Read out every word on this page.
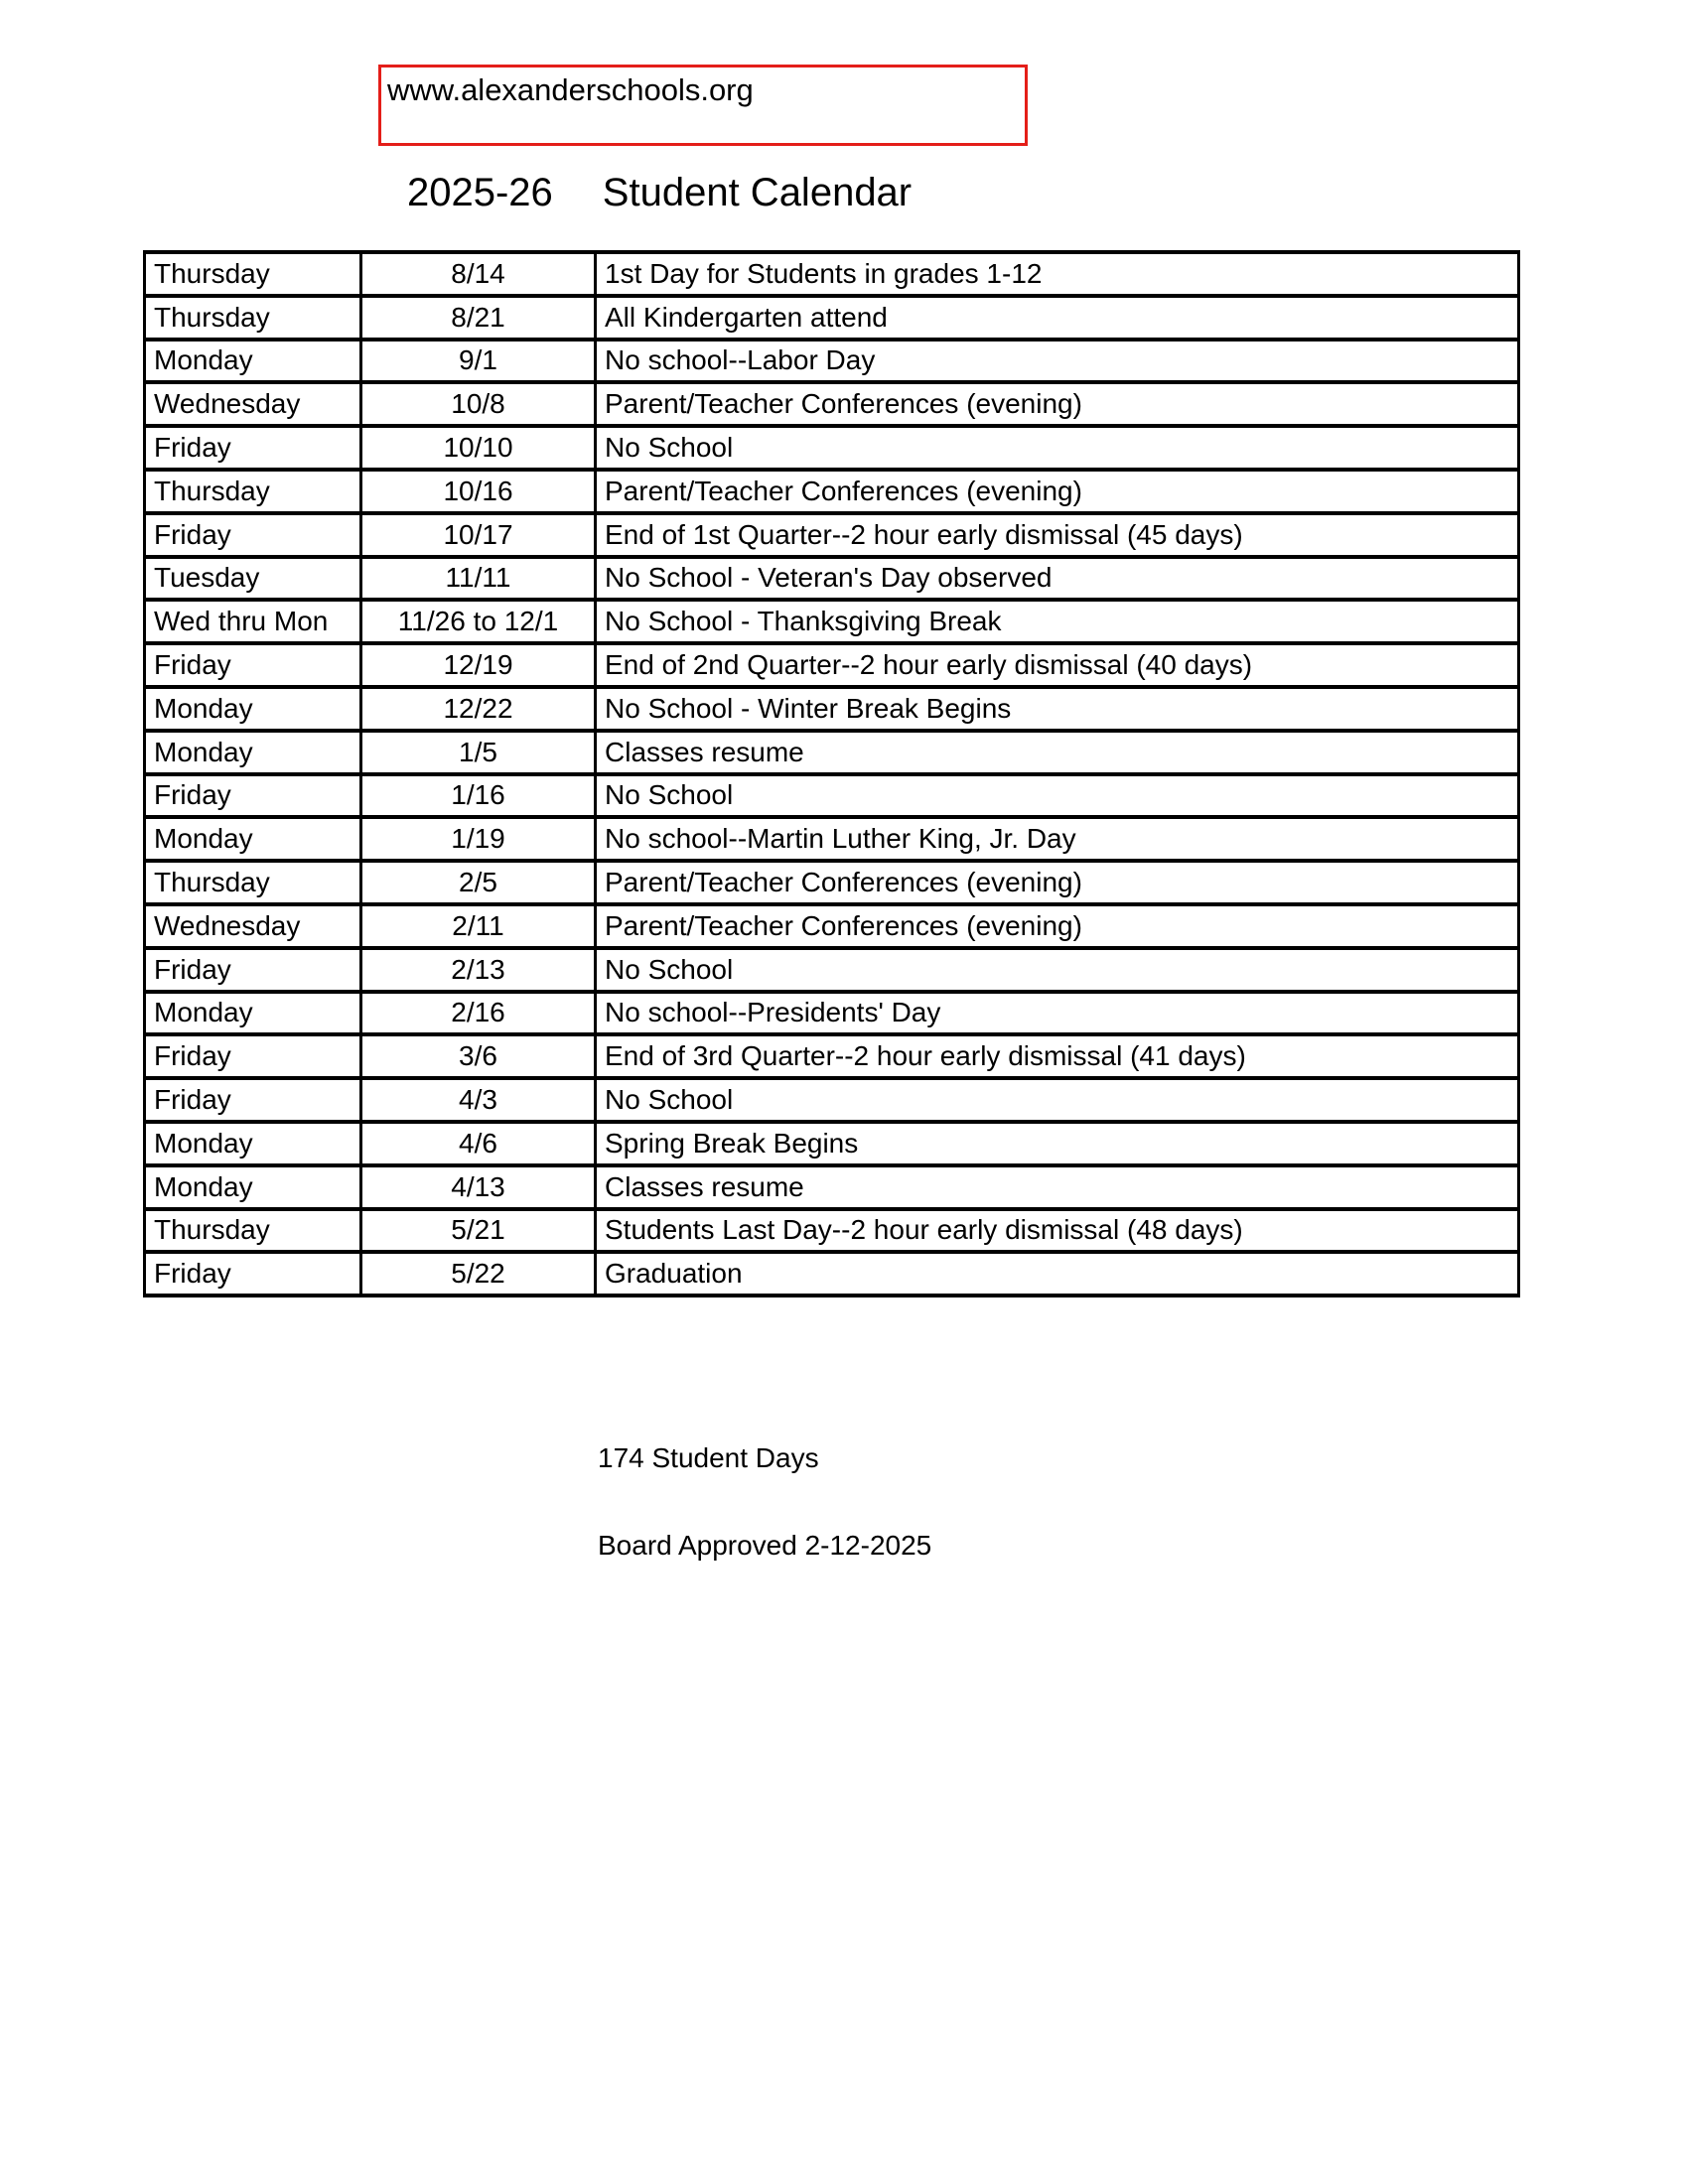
www.alexanderschools.org
2025-26 Student Calendar
Thursday	8/14	1st Day for Students in grades 1-12
Thursday	8/21	All Kindergarten attend
Monday	9/1	No school--Labor Day
Wednesday	10/8	Parent/Teacher Conferences (evening)
Friday	10/10	No School
Thursday	10/16	Parent/Teacher Conferences (evening)
Friday	10/17	End of 1st Quarter--2 hour early dismissal (45 days)
Tuesday	11/11	No School - Veteran's Day observed
Wed thru Mon	11/26 to 12/1	No School - Thanksgiving Break
Friday	12/19	End of 2nd Quarter--2 hour early dismissal (40 days)
Monday	12/22	No School - Winter Break Begins
Monday	1/5	Classes resume
Friday	1/16	No School
Monday	1/19	No school--Martin Luther King, Jr. Day
Thursday	2/5	Parent/Teacher Conferences (evening)
Wednesday	2/11	Parent/Teacher Conferences (evening)
Friday	2/13	No School
Monday	2/16	No school--Presidents' Day
Friday	3/6	End of 3rd Quarter--2 hour early dismissal (41 days)
Friday	4/3	No School
Monday	4/6	Spring Break Begins
Monday	4/13	Classes resume
Thursday	5/21	Students Last Day--2 hour early dismissal (48 days)
Friday	5/22	Graduation
174 Student Days
Board Approved 2-12-2025
